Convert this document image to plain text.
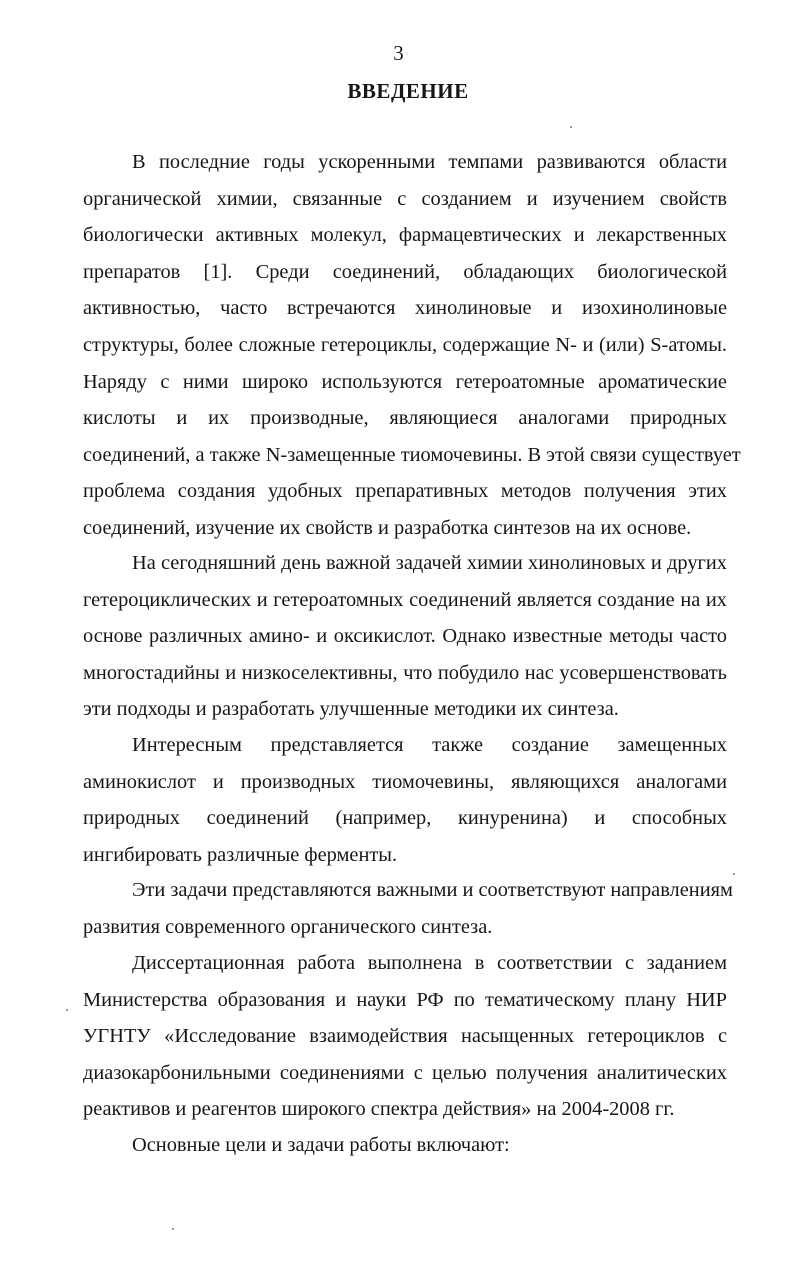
3
ВВЕДЕНИЕ
В последние годы ускоренными темпами развиваются области
органической химии, связанные с созданием и изучением свойств
биологически активных молекул, фармацевтических и лекарственных
препаратов [1]. Среди соединений, обладающих биологической
активностью, часто встречаются хинолиновые и изохинолиновые
структуры, более сложные гетероциклы, содержащие N- и (или) S-атомы.
Наряду с ними широко используются гетероатомные ароматические
кислоты и их производные, являющиеся аналогами природных
соединений, а также N-замещенные тиомочевины. В этой связи существует
проблема создания удобных препаративных методов получения этих
соединений, изучение их свойств и разработка синтезов на их основе.
На сегодняшний день важной задачей химии хинолиновых и других
гетероциклических и гетероатомных соединений является создание на их
основе различных амино- и оксикислот. Однако известные методы часто
многостадийны и низкоселективны, что побудило нас усовершенствовать
эти подходы и разработать улучшенные методики их синтеза.
Интересным представляется также создание замещенных
аминокислот и производных тиомочевины, являющихся аналогами
природных соединений (например, кинуренина) и способных
ингибировать различные ферменты.
Эти задачи представляются важными и соответствуют направлениям
развития современного органического синтеза.
Диссертационная работа выполнена в соответствии с заданием
Министерства образования и науки РФ по тематическому плану НИР
УГНТУ «Исследование взаимодействия насыщенных гетероциклов с
диазокарбонильными соединениями с целью получения аналитических
реактивов и реагентов широкого спектра действия» на 2004-2008 гг.
Основные цели и задачи работы включают:
